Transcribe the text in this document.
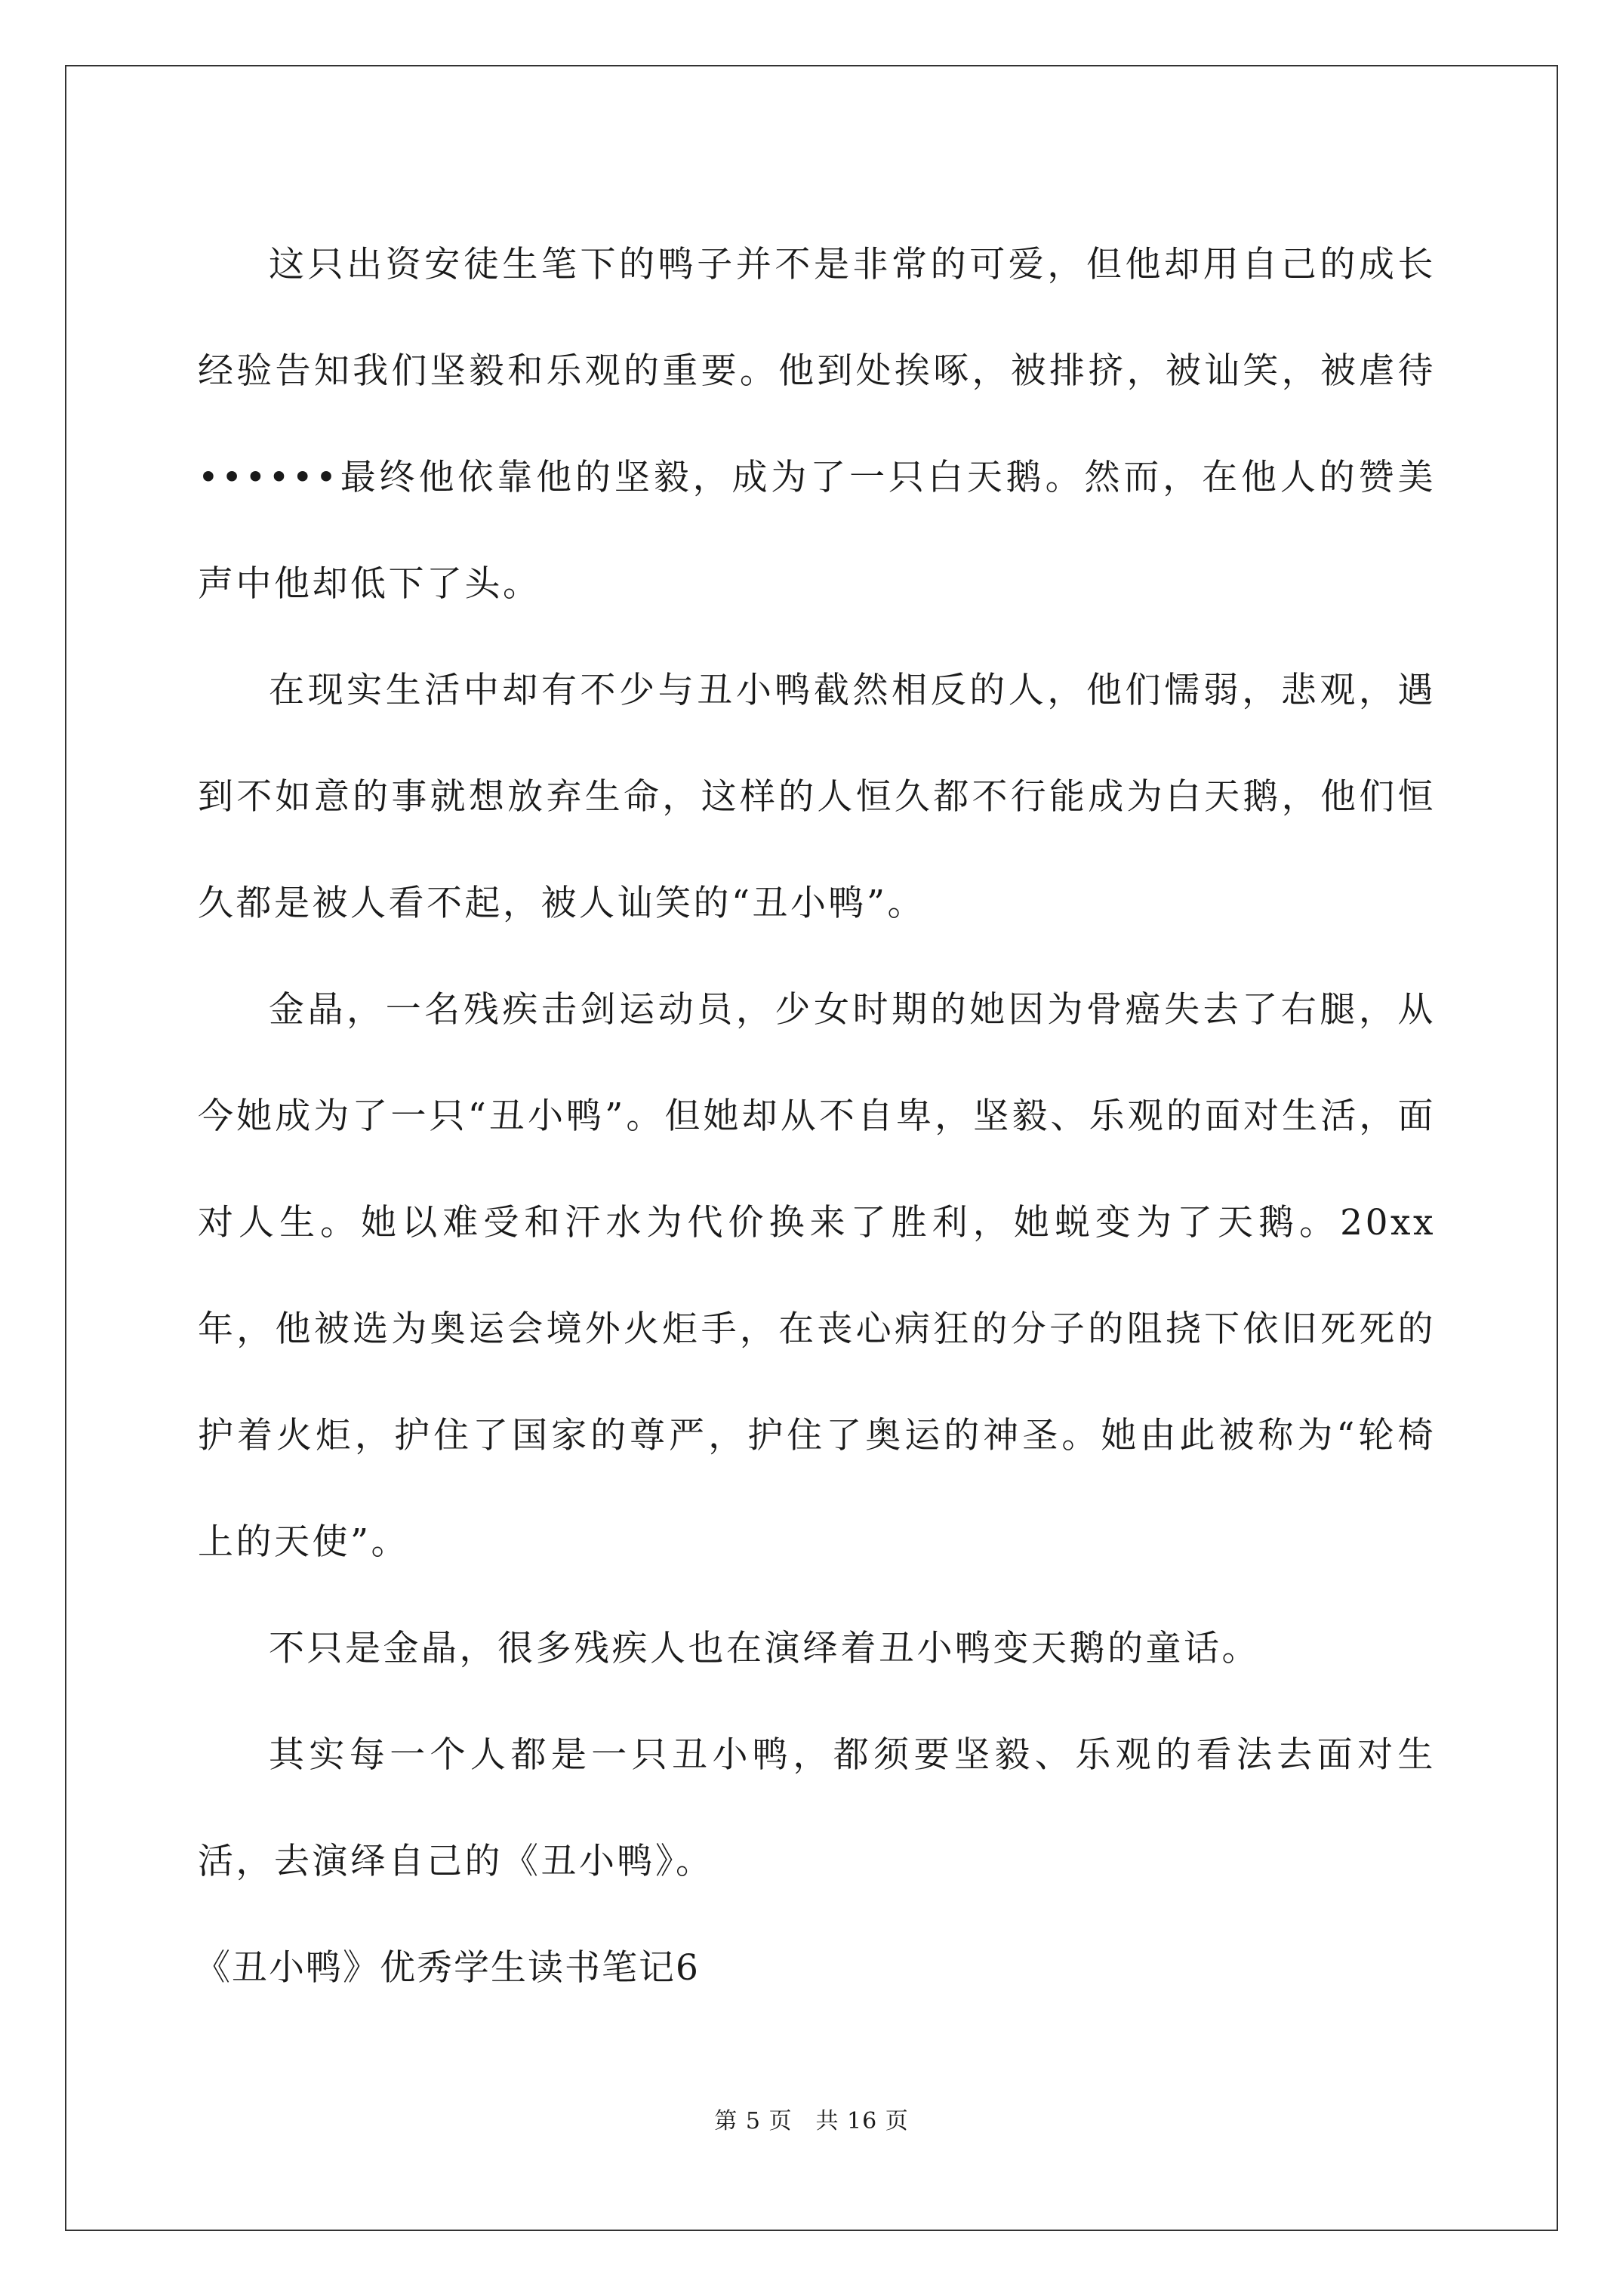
这只出资安徒生笔下的鸭子并不是非常的可爱，但他却用自己的成长经验告知我们坚毅和乐观的重要。他到处挨啄，被排挤，被讪笑，被虐待••••••最终他依靠他的坚毅，成为了一只白天鹅。然而，在他人的赞美声中他却低下了头。

在现实生活中却有不少与丑小鸭截然相反的人，他们懦弱，悲观，遇到不如意的事就想放弃生命，这样的人恒久都不行能成为白天鹅，他们恒久都是被人看不起，被人讪笑的“丑小鸭”。

金晶，一名残疾击剑运动员，少女时期的她因为骨癌失去了右腿，从今她成为了一只“丑小鸭”。但她却从不自卑，坚毅、乐观的面对生活，面对人生。她以难受和汗水为代价换来了胜利，她蜕变为了天鹅。20xx年，他被选为奥运会境外火炬手，在丧心病狂的分子的阻挠下依旧死死的护着火炬，护住了国家的尊严，护住了奥运的神圣。她由此被称为“轮椅上的天使”。

不只是金晶，很多残疾人也在演绎着丑小鸭变天鹅的童话。

其实每一个人都是一只丑小鸭，都须要坚毅、乐观的看法去面对生活，去演绎自己的《丑小鸭》。

《丑小鸭》优秀学生读书笔记6

第 5 页　共 16 页
